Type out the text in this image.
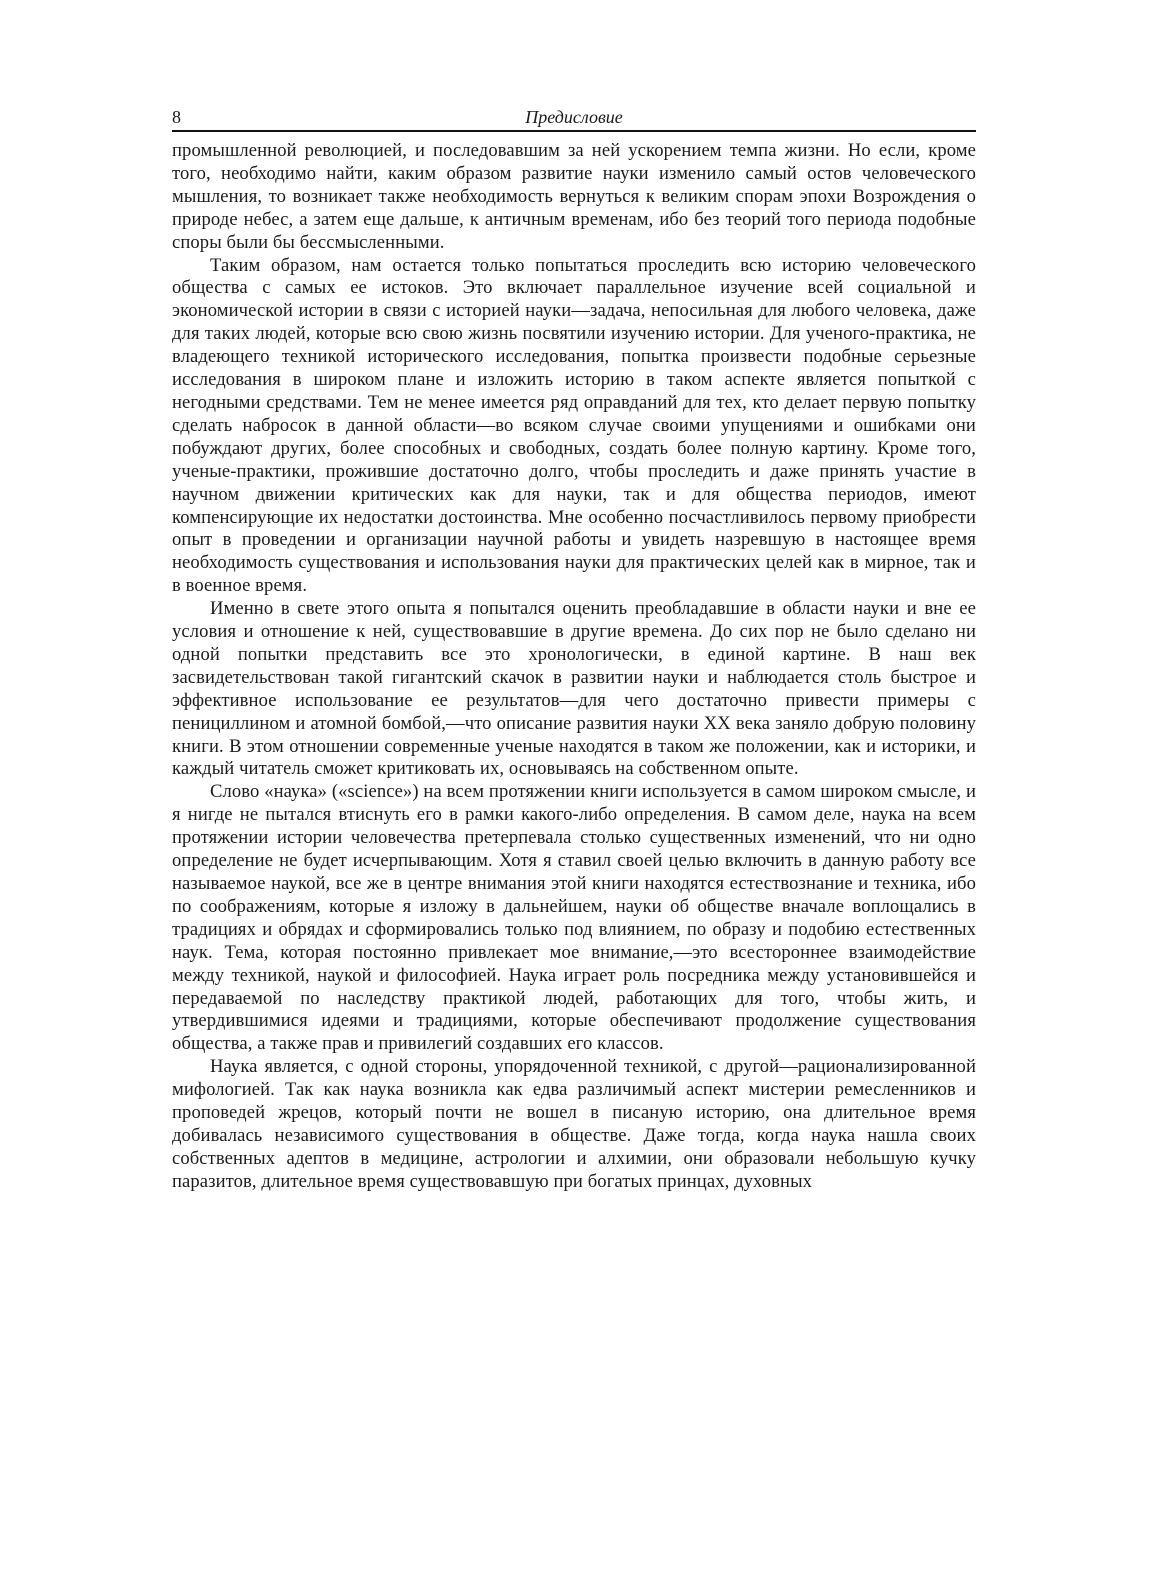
8	Предисловие

промышленной революцией, и последовавшим за ней ускорением темпа жизни. Но если, кроме того, необходимо найти, каким образом развитие науки изменило самый остов человеческого мышления, то возникает также необходимость вернуться к великим спорам эпохи Возрождения о природе небес, а затем еще дальше, к античным временам, ибо без теорий того периода подобные споры были бы бессмысленными.

Таким образом, нам остается только попытаться проследить всю историю человеческого общества с самых ее истоков. Это включает параллельное изучение всей социальной и экономической истории в связи с историей науки—задача, непосильная для любого человека, даже для таких людей, которые всю свою жизнь посвятили изучению истории. Для ученого-практика, не владеющего техникой исторического исследования, попытка произвести подобные серьезные исследования в широком плане и изложить историю в таком аспекте является попыткой с негодными средствами. Тем не менее имеется ряд оправданий для тех, кто делает первую попытку сделать набросок в данной области—во всяком случае своими упущениями и ошибками они побуждают других, более способных и свободных, создать более полную картину. Кроме того, ученые-практики, прожившие достаточно долго, чтобы проследить и даже принять участие в научном движении критических как для науки, так и для общества периодов, имеют компенсирующие их недостатки достоинства. Мне особенно посчастливилось первому приобрести опыт в проведении и организации научной работы и увидеть назревшую в настоящее время необходимость существования и использования науки для практических целей как в мирное, так и в военное время.

Именно в свете этого опыта я попытался оценить преобладавшие в области науки и вне ее условия и отношение к ней, существовавшие в другие времена. До сих пор не было сделано ни одной попытки представить все это хронологически, в единой картине. В наш век засвидетельствован такой гигантский скачок в развитии науки и наблюдается столь быстрое и эффективное использование ее результатов—для чего достаточно привести примеры с пенициллином и атомной бомбой,—что описание развития науки XX века заняло добрую половину книги. В этом отношении современные ученые находятся в таком же положении, как и историки, и каждый читатель сможет критиковать их, основываясь на собственном опыте.

Слово «наука» («science») на всем протяжении книги используется в самом широком смысле, и я нигде не пытался втиснуть его в рамки какого-либо определения. В самом деле, наука на всем протяжении истории человечества претерпевала столько существенных изменений, что ни одно определение не будет исчерпывающим. Хотя я ставил своей целью включить в данную работу все называемое наукой, все же в центре внимания этой книги находятся естествознание и техника, ибо по соображениям, которые я изложу в дальнейшем, науки об обществе вначале воплощались в традициях и обрядах и сформировались только под влиянием, по образу и подобию естественных наук. Тема, которая постоянно привлекает мое внимание,—это всестороннее взаимодействие между техникой, наукой и философией. Наука играет роль посредника между установившейся и передаваемой по наследству практикой людей, работающих для того, чтобы жить, и утвердившимися идеями и традициями, которые обеспечивают продолжение существования общества, а также прав и привилегий создавших его классов.

Наука является, с одной стороны, упорядоченной техникой, с другой—рационализированной мифологией. Так как наука возникла как едва различимый аспект мистерии ремесленников и проповедей жрецов, который почти не вошел в писаную историю, она длительное время добивалась независимого существования в обществе. Даже тогда, когда наука нашла своих собственных адептов в медицине, астрологии и алхимии, они образовали небольшую кучку паразитов, длительное время существовавшую при богатых принцах, духовных
